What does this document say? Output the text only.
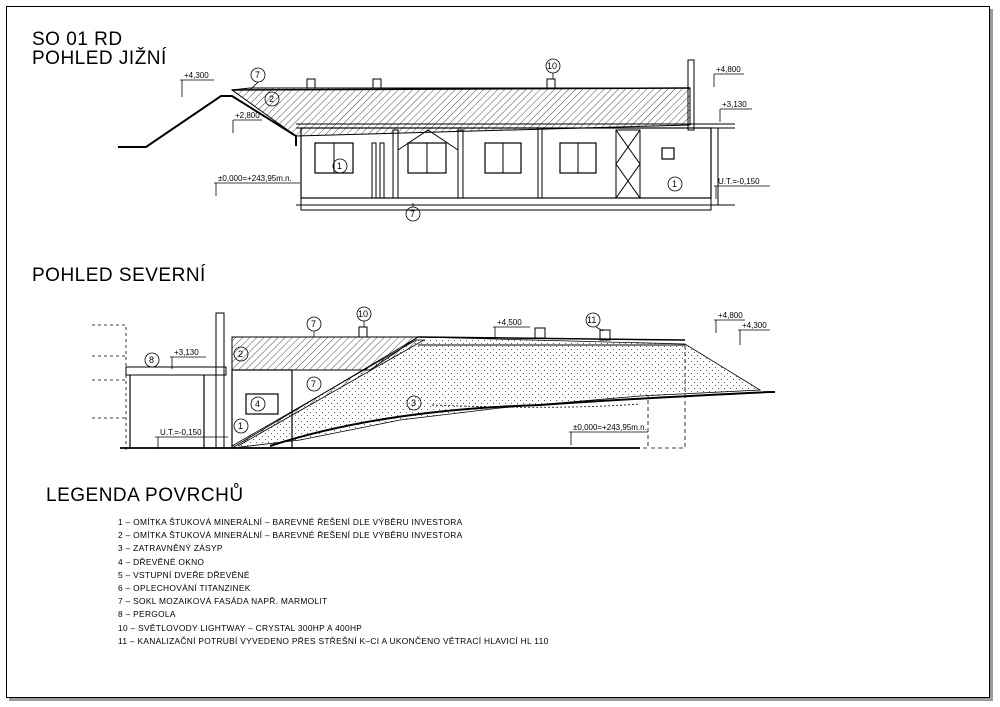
SO 01 RD
POHLED JIŽNÍ
POHLED SEVERNÍ
LEGENDA POVRCHŮ
+4,300
+2,800
±0,000=+243,95m.n.
+4,800
+3,130
U.T.=-0,150
7
2
10
1
1
7
+3,130
U.T.=-0,150
+4,500
+4,800
+4,300
±0,000=+243,95m.n.
8
2
7
10
11
7
4	3
1
1 – OMÍTKA ŠTUKOVÁ MINERÁLNÍ – BAREVNÉ ŘEŠENÍ DLE VÝBĚRU INVESTORA
2 – OMÍTKA ŠTUKOVÁ MINERÁLNÍ – BAREVNÉ ŘEŠENÍ DLE VÝBĚRU INVESTORA
3 – ZATRAVNĚNÝ ZÁSYP
4 – DŘEVĚNÉ OKNO
5 – VSTUPNÍ DVEŘE DŘEVĚNÉ
6 – OPLECHOVÁNÍ TITANZINEK
7 – SOKL MOZAIKOVÁ FASÁDA NAPŘ. MARMOLIT
8 – PERGOLA
10 – SVĚTLOVODY LIGHTWAY – CRYSTAL 300HP A 400HP
11 – KANALIZAČNÍ POTRUBÍ VYVEDENO PŘES STŘEŠNÍ K–CI A UKONČENO VĚTRACÍ HLAVICÍ HL 110
